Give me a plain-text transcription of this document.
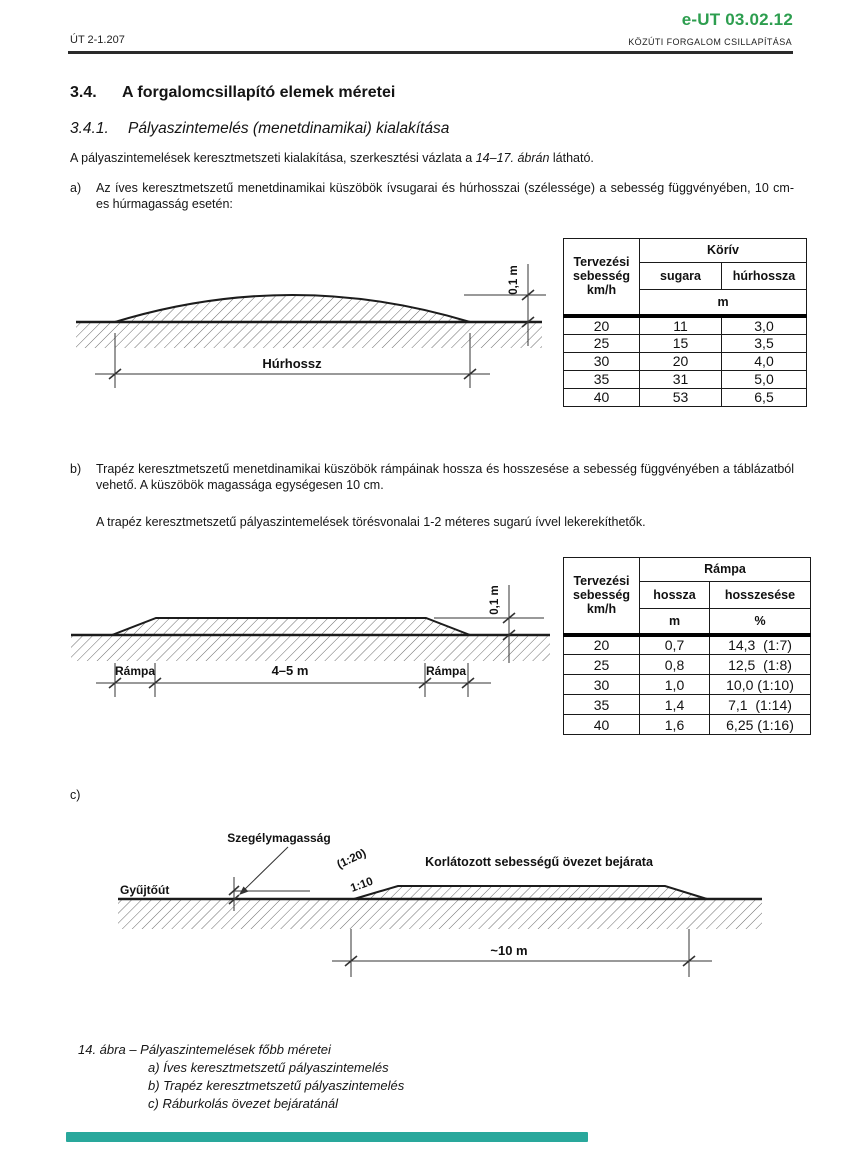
e-UT 03.02.12
ÚT 2-1.207	KÖZÚTI FORGALOM CSILLAPÍTÁSA
3.4. A forgalomcsillapító elemek méretei
3.4.1. Pályaszintemelés (menetdinamikai) kialakítása
A pályaszintemelések keresztmetszeti kialakítása, szerkesztési vázlata a 14–17. ábrán látható.
a)	Az íves keresztmetszetű menetdinamikai küszöbök ívsugarai és húrhosszai (szélessége) a sebesség függvényében, 10 cm-es húrmagasság esetén:
0,1 m
Húrhossz
Tervezési sebesség km/h	Körív	
	sugara	húrhossza
	m	
20	11	3,0
25	15	3,5
30	20	4,0
35	31	5,0
40	53	6,5
b)	Trapéz keresztmetszetű menetdinamikai küszöbök rámpáinak hossza és hosszesése a sebesség függvényében a táblázatból vehető. A küszöbök magassága egységesen 10 cm.
A trapéz keresztmetszetű pályaszintemelések törésvonalai 1-2 méteres sugarú ívvel lekerekíthetők.
0,1 m
Rámpa	4–5 m	Rámpa
Tervezési sebesség km/h	Rámpa	
	hossza	hosszesése
	m	%
20	0,7	14,3  (1:7)
25	0,8	12,5  (1:8)
30	1,0	10,0 (1:10)
35	1,4	7,1  (1:14)
40	1,6	6,25 (1:16)
c)
Szegélymagasság
Gyűjtőút
(1:20)
1:10
Korlátozott sebességű övezet bejárata
~10 m
14. ábra – Pályaszintemelések főbb méretei
a) Íves keresztmetszetű pályaszintemelés
b) Trapéz keresztmetszetű pályaszintemelés
c) Ráburkolás övezet bejáratánál
